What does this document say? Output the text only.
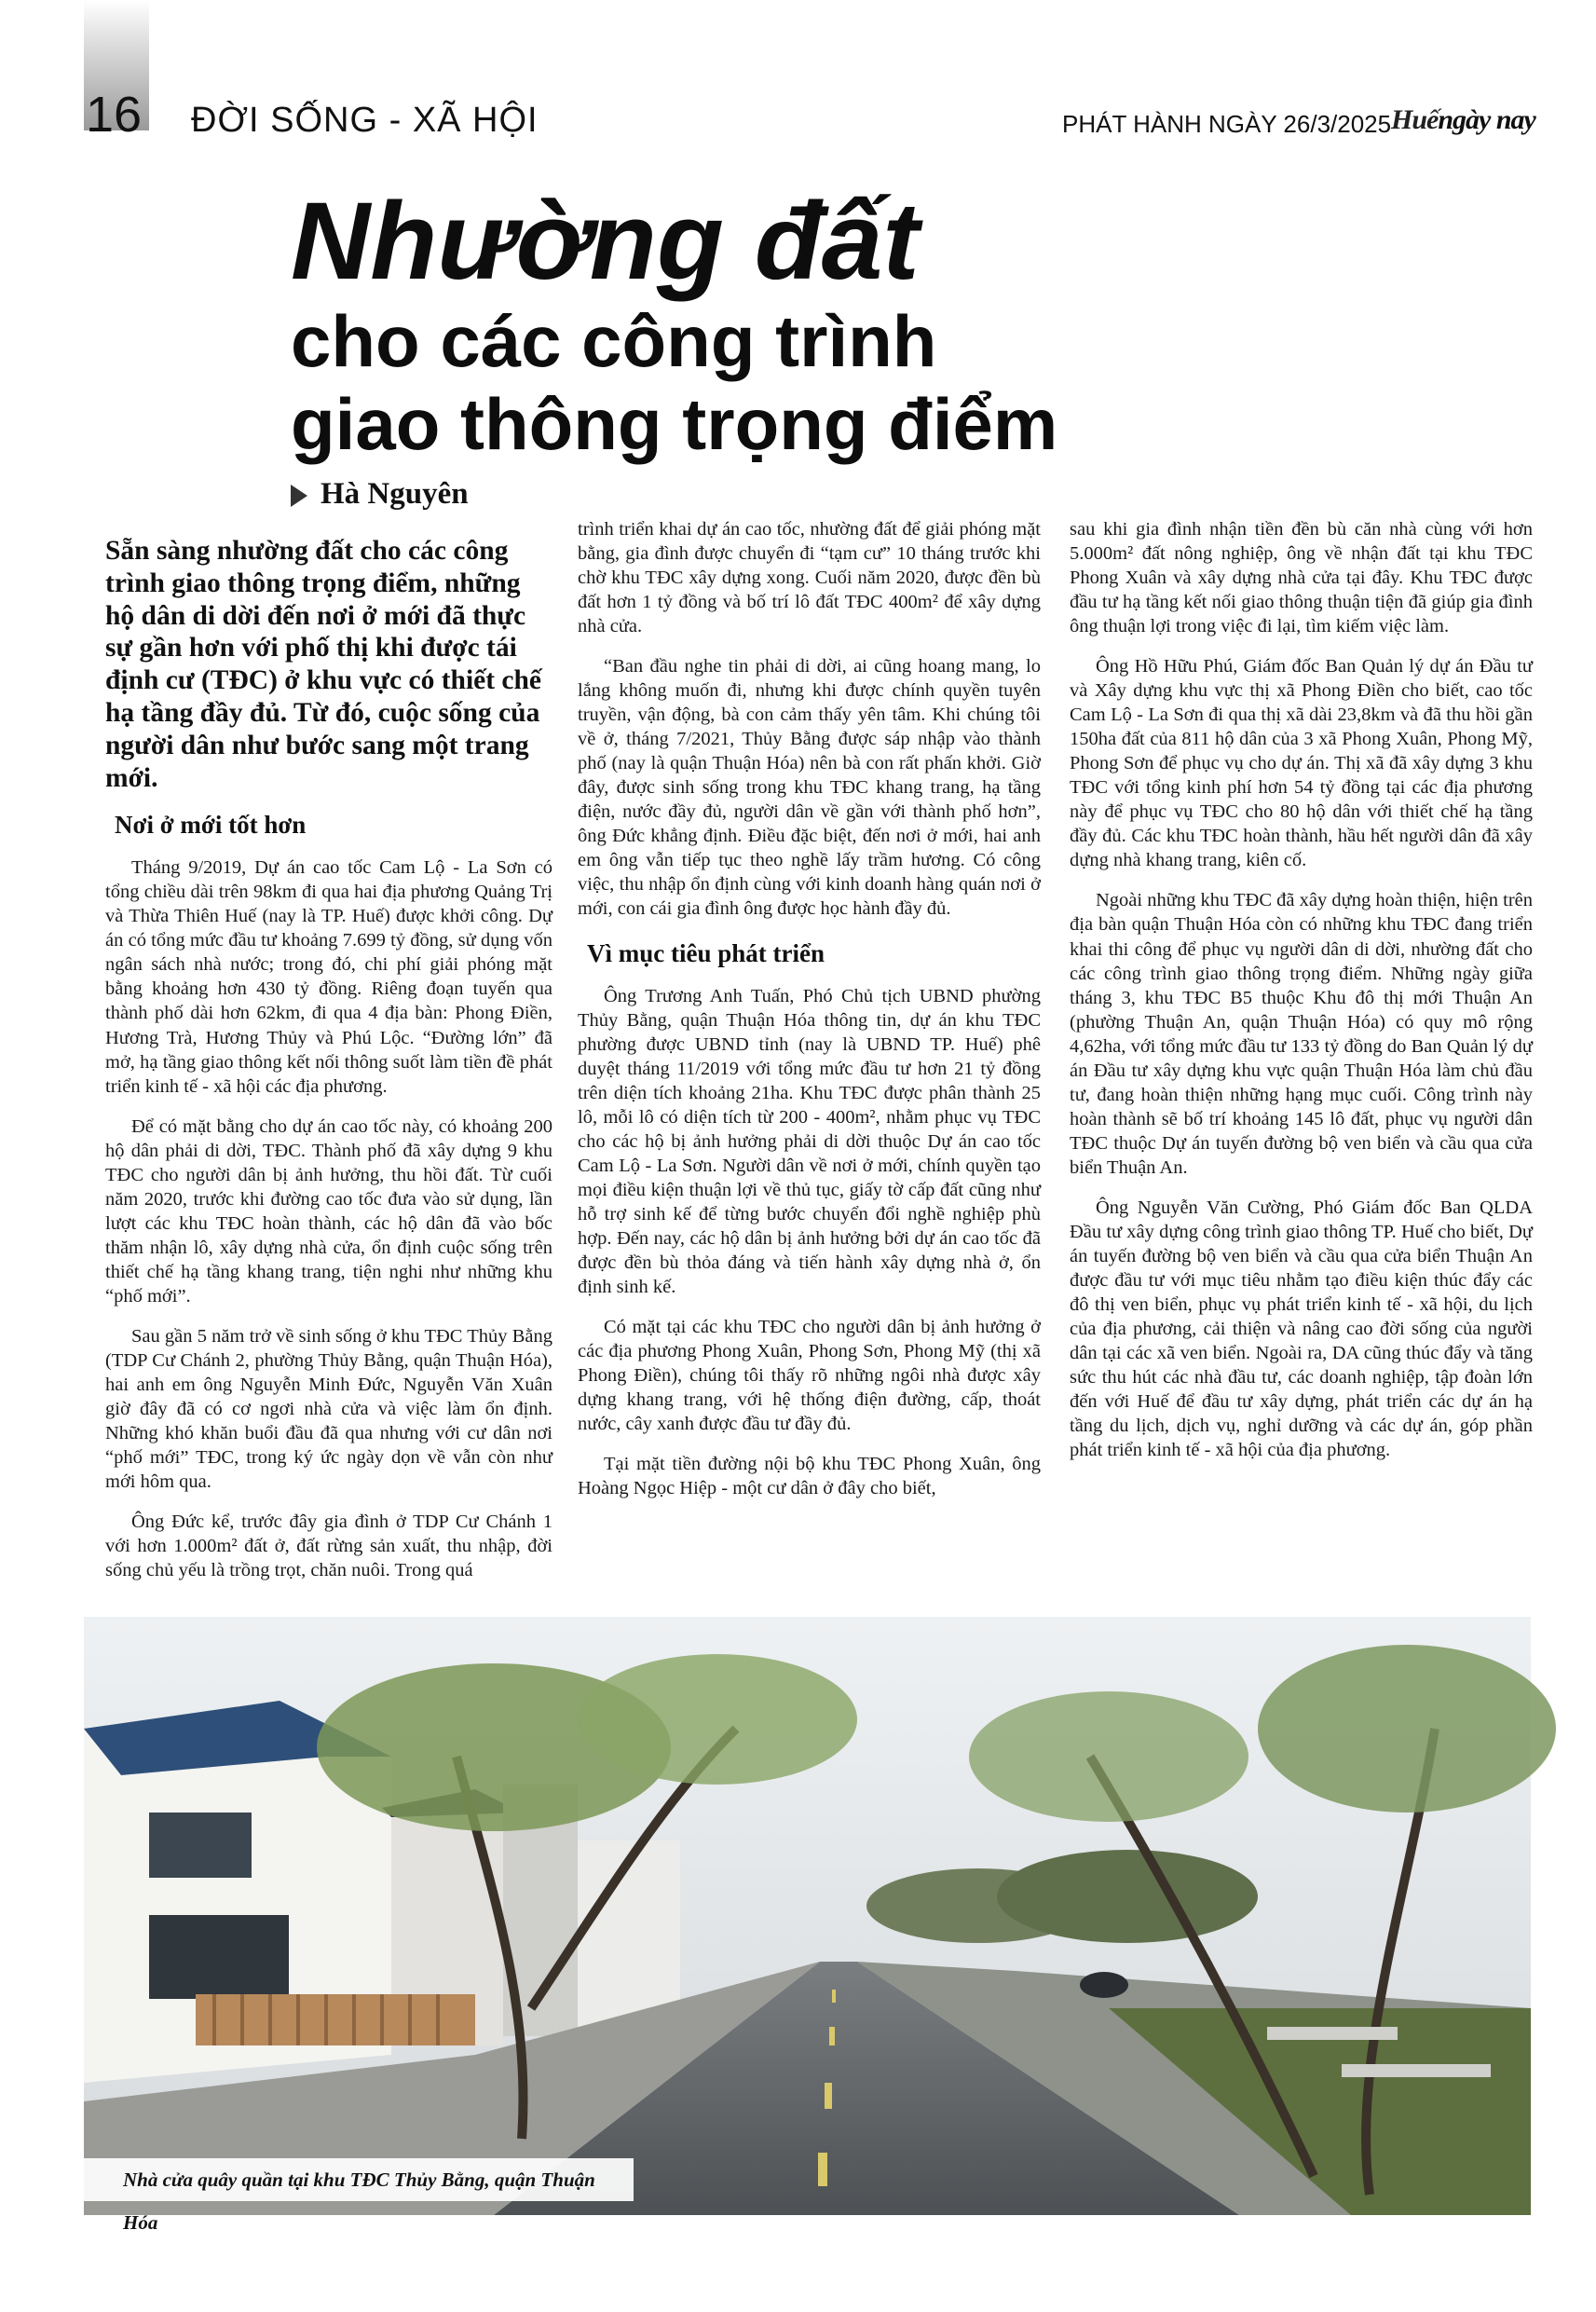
16 ĐỜI SỐNG - XÃ HỘI	PHÁT HÀNH NGÀY 26/3/2025 Huếngày nay
Nhường đất
cho các công trình
giao thông trọng điểm
Hà Nguyên
Sẵn sàng nhường đất cho các công trình giao thông trọng điểm, những hộ dân di dời đến nơi ở mới đã thực sự gần hơn với phố thị khi được tái định cư (TĐC) ở khu vực có thiết chế hạ tầng đầy đủ. Từ đó, cuộc sống của người dân như bước sang một trang mới.
Nơi ở mới tốt hơn

Tháng 9/2019, Dự án cao tốc Cam Lộ - La Sơn có tổng chiều dài trên 98km đi qua hai địa phương Quảng Trị và Thừa Thiên Huế (nay là TP. Huế) được khởi công. Dự án có tổng mức đầu tư khoảng 7.699 tỷ đồng, sử dụng vốn ngân sách nhà nước; trong đó, chi phí giải phóng mặt bằng khoảng hơn 430 tỷ đồng. Riêng đoạn tuyến qua thành phố dài hơn 62km, đi qua 4 địa bàn: Phong Điền, Hương Trà, Hương Thủy và Phú Lộc. “Đường lớn” đã mở, hạ tầng giao thông kết nối thông suốt làm tiền đề phát triển kinh tế - xã hội các địa phương.

Để có mặt bằng cho dự án cao tốc này, có khoảng 200 hộ dân phải di dời, TĐC. Thành phố đã xây dựng 9 khu TĐC cho người dân bị ảnh hưởng, thu hồi đất. Từ cuối năm 2020, trước khi đường cao tốc đưa vào sử dụng, lần lượt các khu TĐC hoàn thành, các hộ dân đã vào bốc thăm nhận lô, xây dựng nhà cửa, ổn định cuộc sống trên thiết chế hạ tầng khang trang, tiện nghi như những khu “phố mới”.

Sau gần 5 năm trở về sinh sống ở khu TĐC Thủy Bằng (TDP Cư Chánh 2, phường Thủy Bằng, quận Thuận Hóa), hai anh em ông Nguyễn Minh Đức, Nguyễn Văn Xuân giờ đây đã có cơ ngơi nhà cửa và việc làm ổn định. Những khó khăn buổi đầu đã qua nhưng với cư dân nơi “phố mới” TĐC, trong ký ức ngày dọn về vẫn còn như mới hôm qua.

Ông Đức kể, trước đây gia đình ở TDP Cư Chánh 1 với hơn 1.000m² đất ở, đất rừng sản xuất, thu nhập, đời sống chủ yếu là trồng trọt, chăn nuôi. Trong quá

trình triển khai dự án cao tốc, nhường đất để giải phóng mặt bằng, gia đình được chuyển đi “tạm cư” 10 tháng trước khi chờ khu TĐC xây dựng xong. Cuối năm 2020, được đền bù đất hơn 1 tỷ đồng và bố trí lô đất TĐC 400m² để xây dựng nhà cửa.

“Ban đầu nghe tin phải di dời, ai cũng hoang mang, lo lắng không muốn đi, nhưng khi được chính quyền tuyên truyền, vận động, bà con cảm thấy yên tâm. Khi chúng tôi về ở, tháng 7/2021, Thủy Bằng được sáp nhập vào thành phố (nay là quận Thuận Hóa) nên bà con rất phấn khởi. Giờ đây, được sinh sống trong khu TĐC khang trang, hạ tầng điện, nước đầy đủ, người dân về gần với thành phố hơn”, ông Đức khẳng định. Điều đặc biệt, đến nơi ở mới, hai anh em ông vẫn tiếp tục theo nghề lấy trầm hương. Có công việc, thu nhập ổn định cùng với kinh doanh hàng quán nơi ở mới, con cái gia đình ông được học hành đầy đủ.

Vì mục tiêu phát triển

Ông Trương Anh Tuấn, Phó Chủ tịch UBND phường Thủy Bằng, quận Thuận Hóa thông tin, dự án khu TĐC phường được UBND tỉnh (nay là UBND TP. Huế) phê duyệt tháng 11/2019 với tổng mức đầu tư hơn 21 tỷ đồng trên diện tích khoảng 21ha. Khu TĐC được phân thành 25 lô, mỗi lô có diện tích từ 200 - 400m², nhằm phục vụ TĐC cho các hộ bị ảnh hưởng phải di dời thuộc Dự án cao tốc Cam Lộ - La Sơn. Người dân về nơi ở mới, chính quyền tạo mọi điều kiện thuận lợi về thủ tục, giấy tờ cấp đất cũng như hỗ trợ sinh kế để từng bước chuyển đổi nghề nghiệp phù hợp. Đến nay, các hộ dân bị ảnh hưởng bởi dự án cao tốc đã được đền bù thỏa đáng và tiến hành xây dựng nhà ở, ổn định sinh kế.

Có mặt tại các khu TĐC cho người dân bị ảnh hưởng ở các địa phương Phong Xuân, Phong Sơn, Phong Mỹ (thị xã Phong Điền), chúng tôi thấy rõ những ngôi nhà được xây dựng khang trang, với hệ thống điện đường, cấp, thoát nước, cây xanh được đầu tư đầy đủ.

Tại mặt tiền đường nội bộ khu TĐC Phong Xuân, ông Hoàng Ngọc Hiệp - một cư dân ở đây cho biết,

sau khi gia đình nhận tiền đền bù căn nhà cùng với hơn 5.000m² đất nông nghiệp, ông về nhận đất tại khu TĐC Phong Xuân và xây dựng nhà cửa tại đây. Khu TĐC được đầu tư hạ tầng kết nối giao thông thuận tiện đã giúp gia đình ông thuận lợi trong việc đi lại, tìm kiếm việc làm.

Ông Hồ Hữu Phú, Giám đốc Ban Quản lý dự án Đầu tư và Xây dựng khu vực thị xã Phong Điền cho biết, cao tốc Cam Lộ - La Sơn đi qua thị xã dài 23,8km và đã thu hồi gần 150ha đất của 811 hộ dân của 3 xã Phong Xuân, Phong Mỹ, Phong Sơn để phục vụ cho dự án. Thị xã đã xây dựng 3 khu TĐC với tổng kinh phí hơn 54 tỷ đồng tại các địa phương này để phục vụ TĐC cho 80 hộ dân với thiết chế hạ tầng đầy đủ. Các khu TĐC hoàn thành, hầu hết người dân đã xây dựng nhà khang trang, kiên cố.

Ngoài những khu TĐC đã xây dựng hoàn thiện, hiện trên địa bàn quận Thuận Hóa còn có những khu TĐC đang triển khai thi công để phục vụ người dân di dời, nhường đất cho các công trình giao thông trọng điểm. Những ngày giữa tháng 3, khu TĐC B5 thuộc Khu đô thị mới Thuận An (phường Thuận An, quận Thuận Hóa) có quy mô rộng 4,62ha, với tổng mức đầu tư 133 tỷ đồng do Ban Quản lý dự án Đầu tư xây dựng khu vực quận Thuận Hóa làm chủ đầu tư, đang hoàn thiện những hạng mục cuối. Công trình này hoàn thành sẽ bố trí khoảng 145 lô đất, phục vụ người dân TĐC thuộc Dự án tuyến đường bộ ven biển và cầu qua cửa biển Thuận An.

Ông Nguyễn Văn Cường, Phó Giám đốc Ban QLDA Đầu tư xây dựng công trình giao thông TP. Huế cho biết, Dự án tuyến đường bộ ven biển và cầu qua cửa biển Thuận An được đầu tư với mục tiêu nhằm tạo điều kiện thúc đẩy các đô thị ven biển, phục vụ phát triển kinh tế - xã hội, du lịch của địa phương, cải thiện và nâng cao đời sống của người dân tại các xã ven biển. Ngoài ra, DA cũng thúc đẩy và tăng sức thu hút các nhà đầu tư, các doanh nghiệp, tập đoàn lớn đến với Huế để đầu tư xây dựng, phát triển các dự án hạ tầng du lịch, dịch vụ, nghỉ dưỡng và các dự án, góp phần phát triển kinh tế - xã hội của địa phương.

Nhà cửa quây quần tại khu TĐC Thủy Bằng, quận Thuận Hóa
